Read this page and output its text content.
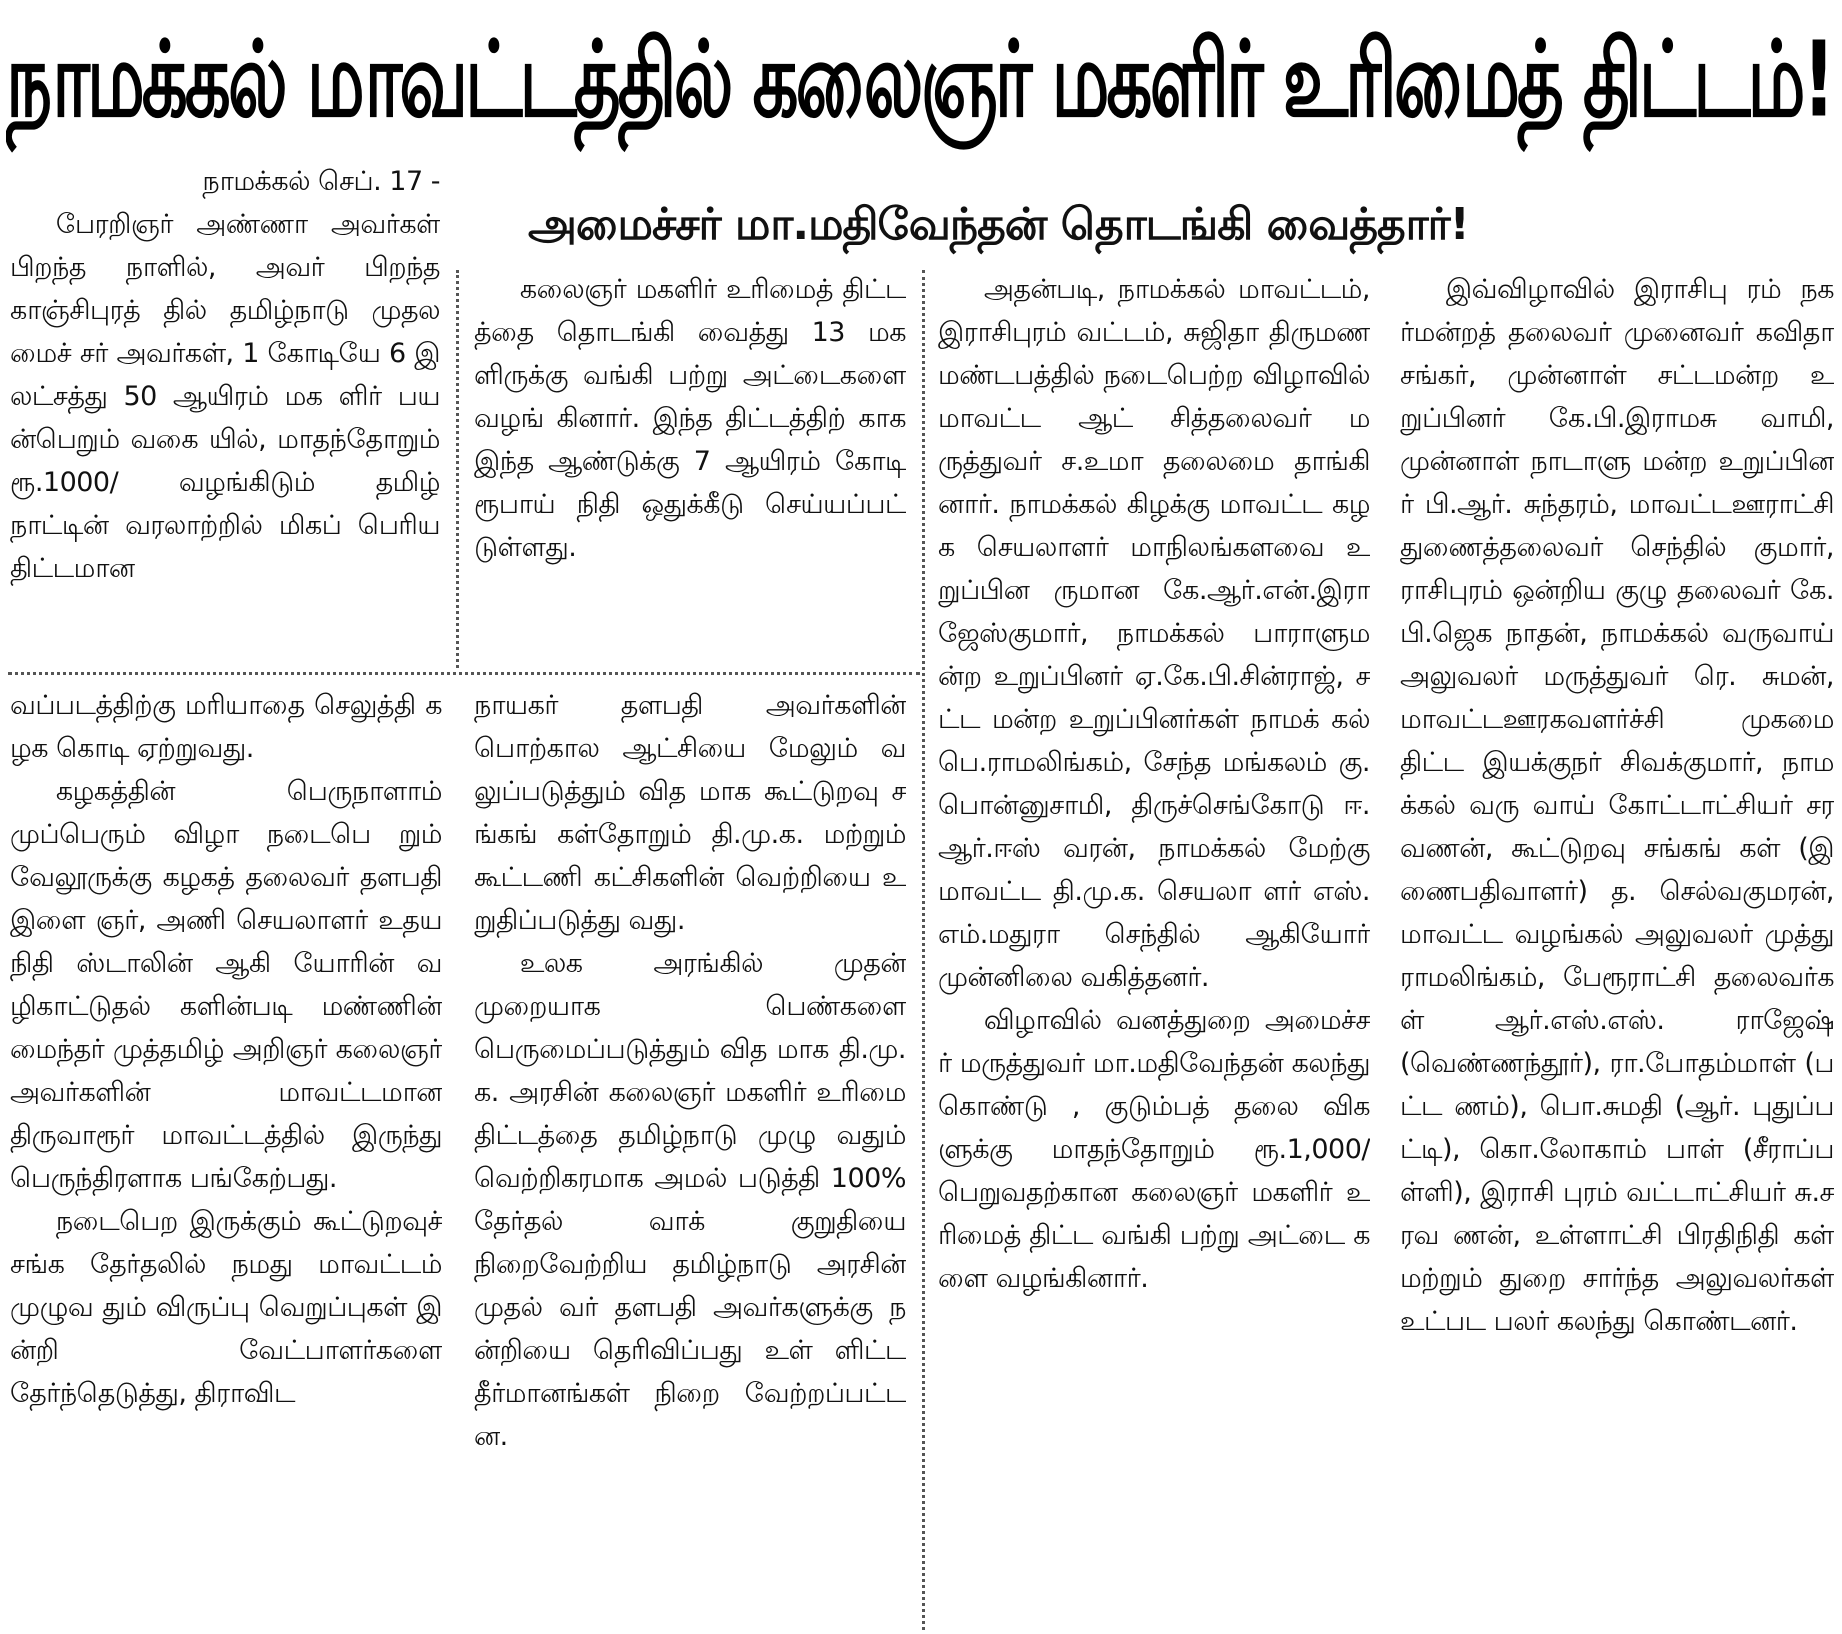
நாமக்கல் மாவட்டத்தில் கலைஞர் மகளிர் உரிமைத் திட்டம்!
அமைச்சர் மா.மதிவேந்தன் தொடங்கி வைத்தார்!

நாமக்கல் செப். 17 -

பேரறிஞர் அண்ணா அவர்கள் பிறந்த நாளில், அவர் பிறந்த காஞ்சிபுரத் தில் தமிழ்நாடு முதலமைச் சர் அவர்கள், 1 கோடியே 6 இலட்சத்து 50 ஆயிரம் மக ளிர் பயன்பெறும் வகை யில், மாதந்தோறும் ரூ.1000/ வழங்கிடும் தமிழ் நாட்டின் வரலாற்றில் மிகப் பெரிய திட்டமான

கலைஞர் மகளிர் உரிமைத் திட்டத்தை தொடங்கி வைத்து 13 மகளிருக்கு வங்கி பற்று அட்டைகளை வழங் கினார். இந்த திட்டத்திற் காக இந்த ஆண்டுக்கு 7 ஆயிரம் கோடி ரூபாய் நிதி ஒதுக்கீடு செய்யப்பட் டுள்ளது.

வப்படத்திற்கு மரியாதை செலுத்தி கழக கொடி ஏற்றுவது.

கழகத்தின் பெருநாளாம் முப்பெரும் விழா நடைபெ றும் வேலூருக்கு கழகத் தலைவர் தளபதி இளை ஞர், அணி செயலாளர் உதயநிதி ஸ்டாலின் ஆகி யோரின் வழிகாட்டுதல் களின்படி மண்ணின் மைந்தர் முத்தமிழ் அறிஞர் கலைஞர் அவர்களின் மாவட்டமான திருவாரூர் மாவட்டத்தில் இருந்து பெருந்திரளாக பங்கேற்பது.

நடைபெற இருக்கும் கூட்டுறவுச் சங்க தேர்தலில் நமது மாவட்டம் முழுவ தும் விருப்பு வெறுப்புகள் இன்றி வேட்பாளர்களை தேர்ந்தெடுத்து, திராவிட

நாயகர் தளபதி அவர்களின் பொற்கால ஆட்சியை மேலும் வலுப்படுத்தும் வித மாக கூட்டுறவு சங்கங் கள்தோறும் தி.மு.க. மற்றும் கூட்டணி கட்சிகளின் வெற்றியை உறுதிப்படுத்து வது.

உலக அரங்கில் முதன் முறையாக பெண்களை பெருமைப்படுத்தும் வித மாக தி.மு.க. அரசின் கலைஞர் மகளிர் உரிமை திட்டத்தை தமிழ்நாடு முழு வதும் வெற்றிகரமாக அமல் படுத்தி 100% தேர்தல் வாக் குறுதியை நிறைவேற்றிய தமிழ்நாடு அரசின் முதல் வர் தளபதி அவர்களுக்கு நன்றியை தெரிவிப்பது உள் ளிட்ட தீர்மானங்கள் நிறை வேற்றப்பட்டன.

அதன்படி, நாமக்கல் மாவட்டம், இராசிபுரம் வட்டம், சுஜிதா திருமண மண்டபத்தில் நடைபெற்ற விழாவில் மாவட்ட ஆட் சித்தலைவர் மருத்துவர் ச.உமா தலைமை தாங்கி னார். நாமக்கல் கிழக்கு மாவட்ட கழக செயலாளர் மாநிலங்களவை உறுப்பின ருமான கே.ஆர்.என்.இரா ஜேஸ்குமார், நாமக்கல் பாராளுமன்ற உறுப்பினர் ஏ.கே.பி.சின்ராஜ், சட்ட மன்ற உறுப்பினர்கள் நாமக் கல் பெ.ராமலிங்கம், சேந்த மங்கலம் கு.பொன்னுசாமி, திருச்செங்கோடு ஈ.ஆர்.ஈஸ் வரன், நாமக்கல் மேற்கு மாவட்ட தி.மு.க. செயலா ளர் எஸ்.எம்.மதுரா செந்தில் ஆகியோர் முன்னிலை வகித்தனர்.

விழாவில் வனத்துறை அமைச்சர் மருத்துவர் மா.மதிவேந்தன் கலந்து கொண்டு , குடும்பத் தலை விகளுக்கு மாதந்தோறும் ரூ.1,000/ பெறுவதற்கான கலைஞர் மகளிர் உரிமைத் திட்ட வங்கி பற்று அட்டை களை வழங்கினார்.

இவ்விழாவில் இராசிபு ரம் நகர்மன்றத் தலைவர் முனைவர் கவிதா சங்கர், முன்னாள் சட்டமன்ற உறுப்பினர் கே.பி.இராமசு வாமி, முன்னாள் நாடாளு மன்ற உறுப்பினர் பி.ஆர். சுந்தரம், மாவட்டஊராட்சி துணைத்தலைவர் செந்தில் குமார், ராசிபுரம் ஒன்றிய குழு தலைவர் கே.பி.ஜெக நாதன், நாமக்கல் வருவாய் அலுவலர் மருத்துவர் ரெ. சுமன்,மாவட்டஊரகவளர்ச்சி முகமை திட்ட இயக்குநர் சிவக்குமார், நாமக்கல் வரு வாய் கோட்டாட்சியர் சர வணன், கூட்டுறவு சங்கங் கள் (இணைபதிவாளர்) த. செல்வகுமரன், மாவட்ட வழங்கல் அலுவலர் முத்து ராமலிங்கம், பேரூராட்சி தலைவர்கள் ஆர்.எஸ்.எஸ். ராஜேஷ் (வெண்ணந்தூர்), ரா.போதம்மாள் (பட்ட ணம்), பொ.சுமதி (ஆர். புதுப்பட்டி), கொ.லோகாம் பாள் (சீராப்பள்ளி), இராசி புரம் வட்டாட்சியர் சு.சரவ ணன், உள்ளாட்சி பிரதிநிதி கள் மற்றும் துறை சார்ந்த அலுவலர்கள் உட்பட பலர் கலந்து கொண்டனர்.
